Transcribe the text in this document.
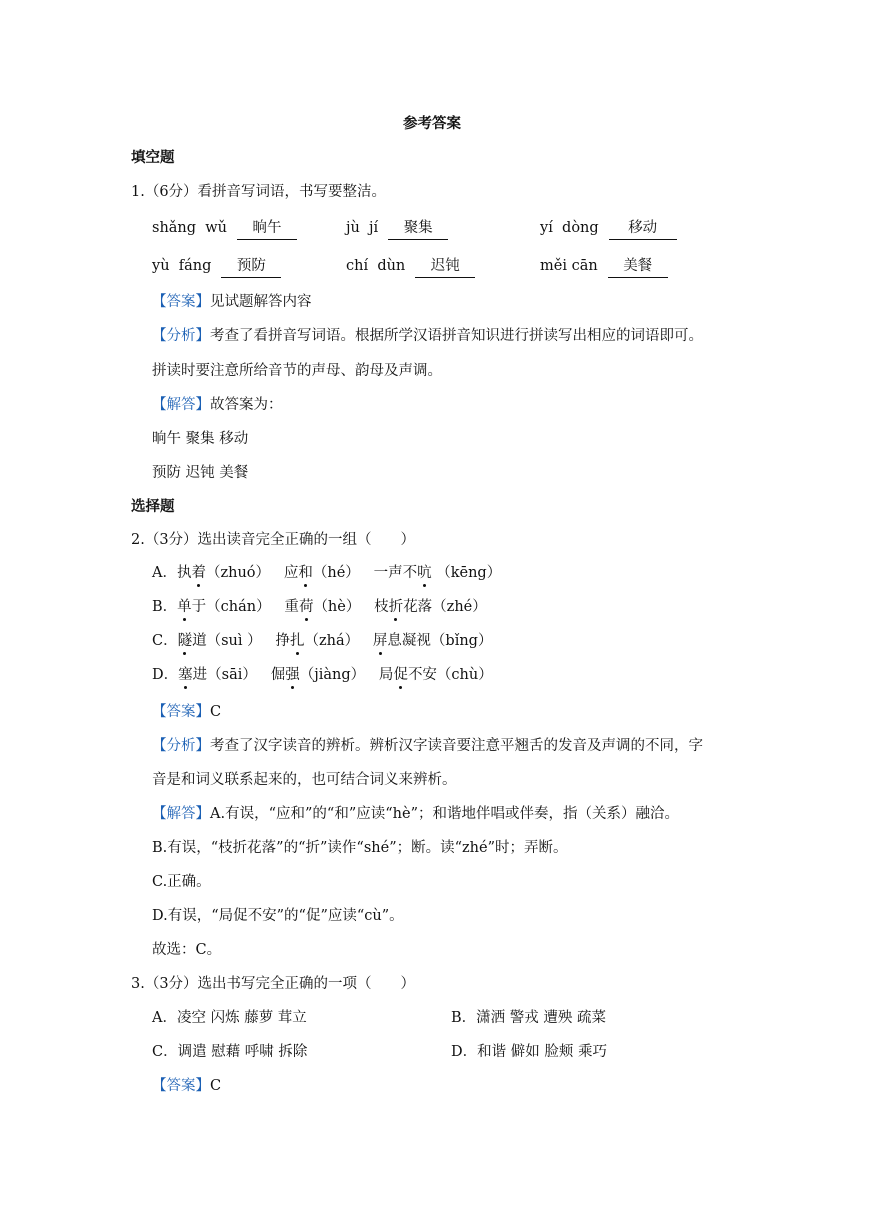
参考答案
填空题
1.（6分）看拼音写词语，书写要整洁。
shǎng  wǔ 晌午	jù  jí 聚集	yí  dòng 移动
yù  fáng 预防	chí  dùn 迟钝	měi cān 美餐
【答案】见试题解答内容
【分析】考查了看拼音写词语。根据所学汉语拼音知识进行拼读写出相应的词语即可。
拼读时要注意所给音节的声母、韵母及声调。
【解答】故答案为：
晌午 聚集 移动
预防 迟钝 美餐
选择题
2.（3分）选出读音完全正确的一组（　　）
A．执着（zhuó）   应和（hé）   一声不吭 （kēng）
B．单于（chán）   重荷（hè）   枝折花落（zhé）
C．隧道（suì ）   挣扎（zhá）   屏息凝视（bǐng）
D．塞进（sāi）   倔强（jiàng）   局促不安（chù）
【答案】C
【分析】考查了汉字读音的辨析。辨析汉字读音要注意平翘舌的发音及声调的不同，字
音是和词义联系起来的，也可结合词义来辨析。
【解答】A.有误，“应和”的“和”应读“hè”；和谐地伴唱或伴奏，指（关系）融洽。
B.有误，“枝折花落”的“折”读作“shé”；断。读“zhé”时；弄断。
C.正确。
D.有误，“局促不安”的“促”应读“cù”。
故选：C。
3.（3分）选出书写完全正确的一项（　　）
A．凌空 闪炼 藤萝 茸立	B．潇洒 警戎 遭殃 疏菜
C．调遣 慰藉 呼啸 拆除	D．和谐 僻如 脸颊 乘巧
【答案】C
